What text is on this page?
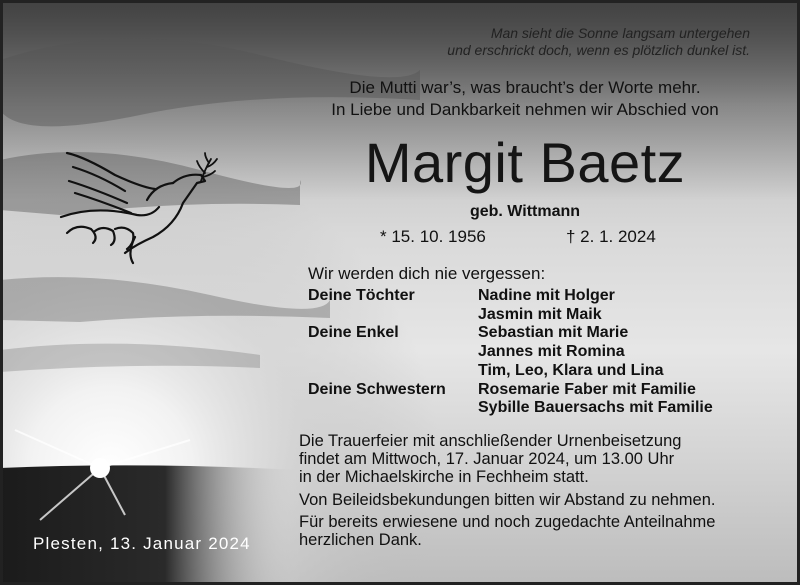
Man sieht die Sonne langsam untergehen
und erschrickt doch, wenn es plötzlich dunkel ist.
Die Mutti war’s, was braucht’s der Worte mehr.
In Liebe und Dankbarkeit nehmen wir Abschied von
Margit Baetz
geb. Wittmann
* 15. 10. 1956	† 2. 1. 2024
Wir werden dich nie vergessen:
Deine Töchter	Nadine mit Holger
Jasmin mit Maik
Deine Enkel	Sebastian mit Marie
Jannes mit Romina
Tim, Leo, Klara und Lina
Deine Schwestern	Rosemarie Faber mit Familie
Sybille Bauersachs mit Familie
Die Trauerfeier mit anschließender Urnenbeisetzung
findet am Mittwoch, 17. Januar 2024, um 13.00 Uhr
in der Michaelskirche in Fechheim statt.
Von Beileidsbekundungen bitten wir Abstand zu nehmen.
Für bereits erwiesene und noch zugedachte Anteilnahme
herzlichen Dank.
Plesten, 13. Januar 2024
